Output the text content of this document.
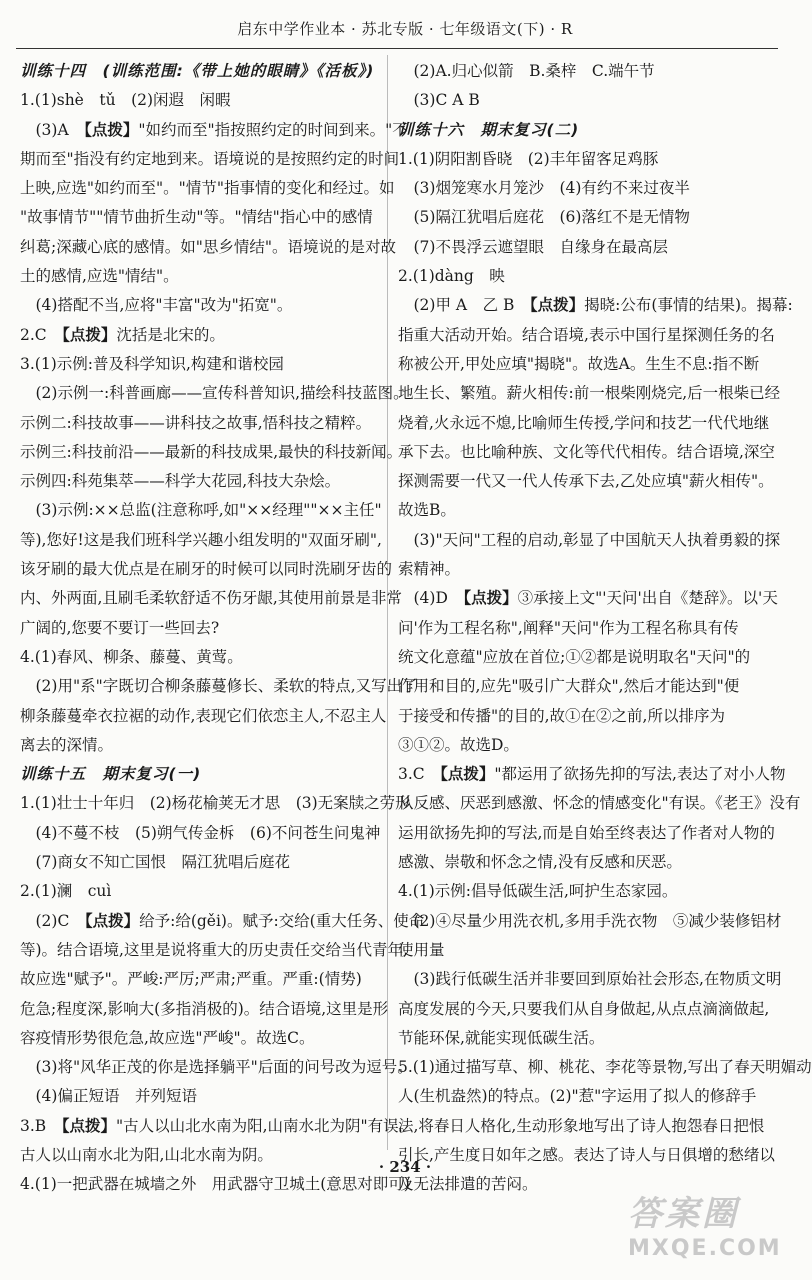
启东中学作业本 · 苏北专版 · 七年级语文(下) · R
训练十四　(训练范围:《带上她的眼睛》《活板》)
1.(1)shè　tǔ　(2)闲遐　闲暇
　(3)A　【点拨】"如约而至"指按照约定的时间到来。"不
期而至"指没有约定地到来。语境说的是按照约定的时间
上映,应选"如约而至"。"情节"指事情的变化和经过。如
"故事情节""情节曲折生动"等。"情结"指心中的感情
纠葛;深藏心底的感情。如"思乡情结"。语境说的是对故
土的感情,应选"情结"。
　(4)搭配不当,应将"丰富"改为"拓宽"。
2.C　【点拨】沈括是北宋的。
3.(1)示例:普及科学知识,构建和谐校园
　(2)示例一:科普画廊——宣传科普知识,描绘科技蓝图。
示例二:科技故事——讲科技之故事,悟科技之精粹。
示例三:科技前沿——最新的科技成果,最快的科技新闻。
示例四:科苑集萃——科学大花园,科技大杂烩。
　(3)示例:××总监(注意称呼,如"××经理""××主任"
等),您好!这是我们班科学兴趣小组发明的"双面牙刷",
该牙刷的最大优点是在刷牙的时候可以同时洗刷牙齿的
内、外两面,且刷毛柔软舒适不伤牙龈,其使用前景是非常
广阔的,您要不要订一些回去?
4.(1)春风、柳条、藤蔓、黄莺。
　(2)用"系"字既切合柳条藤蔓修长、柔软的特点,又写出了
柳条藤蔓牵衣拉裾的动作,表现它们依恋主人,不忍主人
离去的深情。
训练十五　期末复习(一)
1.(1)壮士十年归　(2)杨花榆荚无才思　(3)无案牍之劳形
　(4)不蔓不枝　(5)朔气传金柝　(6)不问苍生问鬼神
　(7)商女不知亡国恨　隔江犹唱后庭花
2.(1)澜　cuì
　(2)C　【点拨】给予:给(gěi)。赋予:交给(重大任务、使命
等)。结合语境,这里是说将重大的历史责任交给当代青年,
故应选"赋予"。严峻:严厉;严肃;严重。严重:(情势)
危急;程度深,影响大(多指消极的)。结合语境,这里是形
容疫情形势很危急,故应选"严峻"。故选C。
　(3)将"风华正茂的你是选择躺平"后面的问号改为逗号。
　(4)偏正短语　并列短语
3.B　【点拨】"古人以山北水南为阳,山南水北为阴"有误。
古人以山南水北为阳,山北水南为阴。
4.(1)一把武器在城墙之外　用武器守卫城土(意思对即可)
　(2)A.归心似箭　B.桑梓　C.端午节
　(3)C A B
训练十六　期末复习(二)
1.(1)阴阳割昏晓　(2)丰年留客足鸡豚
　(3)烟笼寒水月笼沙　(4)有约不来过夜半
　(5)隔江犹唱后庭花　(6)落红不是无情物
　(7)不畏浮云遮望眼　自缘身在最高层
2.(1)dàng　映
　(2)甲 A　乙 B　【点拨】揭晓:公布(事情的结果)。揭幕:
指重大活动开始。结合语境,表示中国行星探测任务的名
称被公开,甲处应填"揭晓"。故选A。生生不息:指不断
地生长、繁殖。薪火相传:前一根柴刚烧完,后一根柴已经
烧着,火永远不熄,比喻师生传授,学问和技艺一代代地继
承下去。也比喻种族、文化等代代相传。结合语境,深空
探测需要一代又一代人传承下去,乙处应填"薪火相传"。
故选B。
　(3)"天问"工程的启动,彰显了中国航天人执着勇毅的探
索精神。
　(4)D　【点拨】③承接上文"'天问'出自《楚辞》。以'天
问'作为工程名称",阐释"天问"作为工程名称具有传
统文化意蕴"应放在首位;①②都是说明取名"天问"的
作用和目的,应先"吸引广大群众",然后才能达到"便
于接受和传播"的目的,故①在②之前,所以排序为
③①②。故选D。
3.C　【点拨】"都运用了欲扬先抑的写法,表达了对小人物
从反感、厌恶到感激、怀念的情感变化"有误。《老王》没有
运用欲扬先抑的写法,而是自始至终表达了作者对人物的
感激、崇敬和怀念之情,没有反感和厌恶。
4.(1)示例:倡导低碳生活,呵护生态家园。
　(2)④尽量少用洗衣机,多用手洗衣物　⑤减少装修铝材
使用量
　(3)践行低碳生活并非要回到原始社会形态,在物质文明
高度发展的今天,只要我们从自身做起,从点点滴滴做起,
节能环保,就能实现低碳生活。
5.(1)通过描写草、柳、桃花、李花等景物,写出了春天明媚动
人(生机盎然)的特点。(2)"惹"字运用了拟人的修辞手
法,将春日人格化,生动形象地写出了诗人抱怨春日把恨
引长,产生度日如年之感。表达了诗人与日俱增的愁绪以
及无法排遣的苦闷。
· 234 ·
答案圈
MXQE.COM
